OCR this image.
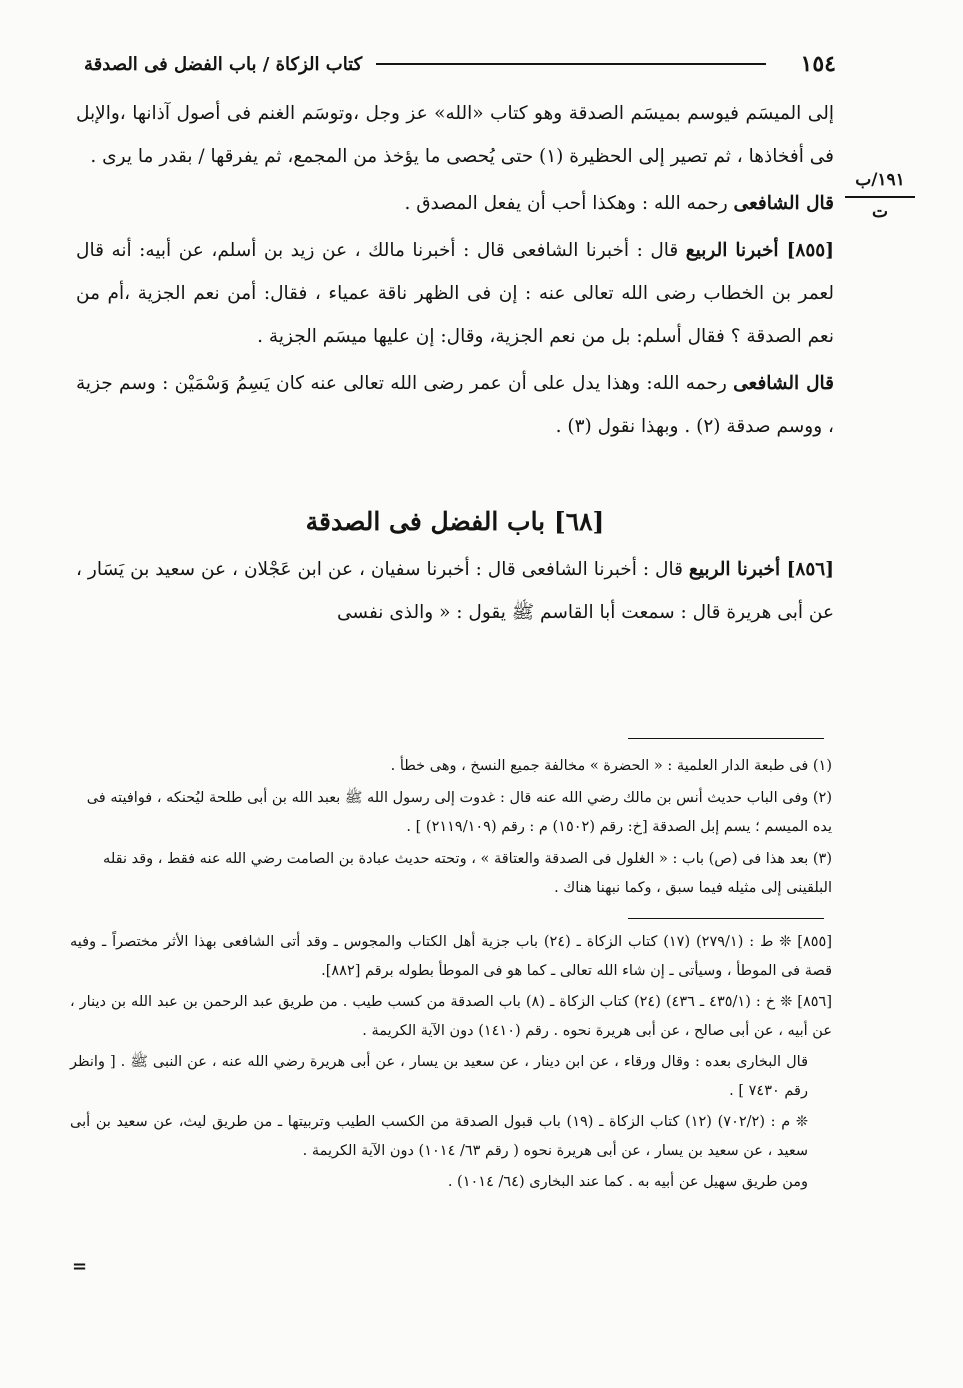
١٥٤
كتاب الزكاة / باب الفضل فى الصدقة
١٩١/ب
ت

إلى الميسَم فيوسم بميسَم الصدقة وهو كتاب «الله» عز وجل ،وتوسَم الغنم فى أصول آذانها ،والإبل فى أفخاذها ، ثم تصير إلى الحظيرة (١) حتى يُحصى ما يؤخذ من المجمع، ثم يفرقها / بقدر ما يرى .

قال الشافعى رحمه الله : وهكذا أحب أن يفعل المصدق .

[٨٥٥] أخبرنا الربيع قال : أخبرنا الشافعى قال : أخبرنا مالك ، عن زيد بن أسلم، عن أبيه: أنه قال لعمر بن الخطاب رضى الله تعالى عنه : إن فى الظهر ناقة عمياء ، فقال: أمن نعم الجزية ،أم من نعم الصدقة ؟ فقال أسلم: بل من نعم الجزية، وقال: إن عليها ميسَم الجزية .

قال الشافعى رحمه الله: وهذا يدل على أن عمر رضى الله تعالى عنه كان يَسِمُ وَسْمَيْن : وسم جزية ، ووسم صدقة (٢) . وبهذا نقول (٣) .

[٦٨] باب الفضل فى الصدقة

[٨٥٦] أخبرنا الربيع قال : أخبرنا الشافعى قال : أخبرنا سفيان ، عن ابن عَجْلان ، عن سعيد بن يَسَار ، عن أبى هريرة قال : سمعت أبا القاسم ﷺ يقول : « والذى نفسى

(١) فى طبعة الدار العلمية : « الحضرة » مخالفة جميع النسخ ، وهى خطأ .

(٢) وفى الباب حديث أنس بن مالك رضي الله عنه قال : غدوت إلى رسول الله ﷺ بعبد الله بن أبى طلحة ليُحنكه ، فوافيته فى يده الميسم ؛ يسم إبل الصدقة [خ: رقم (١٥٠٢) م : رقم (٢١١٩/١٠٩) ] .

(٣) بعد هذا فى (ص) باب : « الغلول فى الصدقة والعتاقة » ، وتحته حديث عبادة بن الصامت رضي الله عنه فقط ، وقد نقله البلقينى إلى مثيله فيما سبق ، وكما نبهنا هناك .

[٨٥٥] ❊ ط : (٢٧٩/١) (١٧) كتاب الزكاة ـ (٢٤) باب جزية أهل الكتاب والمجوس ـ وقد أتى الشافعى بهذا الأثر مختصراً ـ وفيه قصة فى الموطأ ، وسيأتى ـ إن شاء الله تعالى ـ كما هو فى الموطأ بطوله برقم [٨٨٢].

[٨٥٦] ❊ خ : (٤٣٥/١ ـ ٤٣٦) (٢٤) كتاب الزكاة ـ (٨) باب الصدقة من كسب طيب . من طريق عبد الرحمن بن عبد الله بن دينار ، عن أبيه ، عن أبى صالح ، عن أبى هريرة نحوه . رقم (١٤١٠) دون الآية الكريمة .

قال البخارى بعده : وقال ورقاء ، عن ابن دينار ، عن سعيد بن يسار ، عن أبى هريرة رضي الله عنه ، عن النبى ﷺ . [ وانظر رقم ٧٤٣٠ ] .

❊ م : (٧٠٢/٢) (١٢) كتاب الزكاة ـ (١٩) باب قبول الصدقة من الكسب الطيب وتربيتها ـ من طريق ليث، عن سعيد بن أبى سعيد ، عن سعيد بن يسار ، عن أبى هريرة نحوه ( رقم ٦٣/ ١٠١٤) دون الآية الكريمة .

ومن طريق سهيل عن أبيه به . كما عند البخارى (٦٤/ ١٠١٤) .

=
